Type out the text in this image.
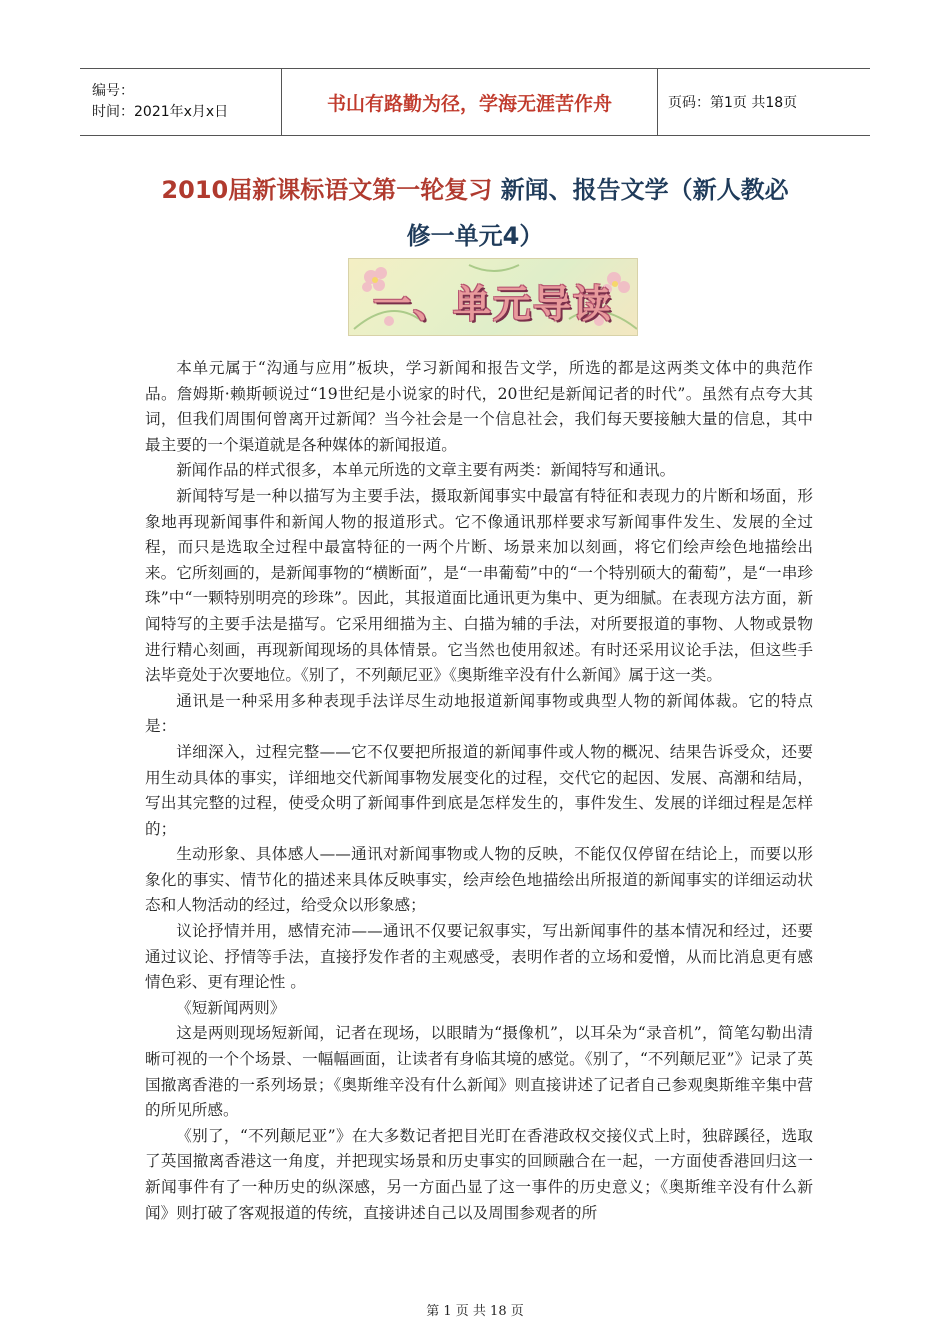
编号：
时间：2021年x月x日	书山有路勤为径，学海无涯苦作舟	页码：第1页 共18页
2010届新课标语文第一轮复习 新闻、报告文学（新人教必
修一单元4）
一、单元导读

本单元属于“沟通与应用”板块，学习新闻和报告文学，所选的都是这两类文体中的典范作品。詹姆斯·赖斯顿说过“19世纪是小说家的时代，20世纪是新闻记者的时代”。虽然有点夸大其词，但我们周围何曾离开过新闻？当今社会是一个信息社会，我们每天要接触大量的信息，其中最主要的一个渠道就是各种媒体的新闻报道。

新闻作品的样式很多，本单元所选的文章主要有两类：新闻特写和通讯。

新闻特写是一种以描写为主要手法，摄取新闻事实中最富有特征和表现力的片断和场面，形象地再现新闻事件和新闻人物的报道形式。它不像通讯那样要求写新闻事件发生、发展的全过程，而只是选取全过程中最富特征的一两个片断、场景来加以刻画，将它们绘声绘色地描绘出来。它所刻画的，是新闻事物的“横断面”，是“一串葡萄”中的“一个特别硕大的葡萄”，是“一串珍珠”中“一颗特别明亮的珍珠”。因此，其报道面比通讯更为集中、更为细腻。在表现方法方面，新闻特写的主要手法是描写。它采用细描为主、白描为辅的手法，对所要报道的事物、人物或景物进行精心刻画，再现新闻现场的具体情景。它当然也使用叙述。有时还采用议论手法，但这些手法毕竟处于次要地位。《别了，不列颠尼亚》《奥斯维辛没有什么新闻》属于这一类。

通讯是一种采用多种表现手法详尽生动地报道新闻事物或典型人物的新闻体裁。它的特点是：

详细深入，过程完整——它不仅要把所报道的新闻事件或人物的概况、结果告诉受众，还要用生动具体的事实，详细地交代新闻事物发展变化的过程，交代它的起因、发展、高潮和结局，写出其完整的过程，使受众明了新闻事件到底是怎样发生的，事件发生、发展的详细过程是怎样的；

生动形象、具体感人——通讯对新闻事物或人物的反映，不能仅仅停留在结论上，而要以形象化的事实、情节化的描述来具体反映事实，绘声绘色地描绘出所报道的新闻事实的详细运动状态和人物活动的经过，给受众以形象感；

议论抒情并用，感情充沛——通讯不仅要记叙事实，写出新闻事件的基本情况和经过，还要通过议论、抒情等手法，直接抒发作者的主观感受，表明作者的立场和爱憎，从而比消息更有感情色彩、更有理论性 。

《短新闻两则》

这是两则现场短新闻，记者在现场，以眼睛为“摄像机”，以耳朵为“录音机”，简笔勾勒出清晰可视的一个个场景、一幅幅画面，让读者有身临其境的感觉。《别了，“不列颠尼亚”》记录了英国撤离香港的一系列场景；《奥斯维辛没有什么新闻》则直接讲述了记者自己参观奥斯维辛集中营的所见所感。

《别了，“不列颠尼亚”》在大多数记者把目光盯在香港政权交接仪式上时，独辟蹊径，选取了英国撤离香港这一角度，并把现实场景和历史事实的回顾融合在一起，一方面使香港回归这一新闻事件有了一种历史的纵深感，另一方面凸显了这一事件的历史意义；《奥斯维辛没有什么新闻》则打破了客观报道的传统，直接讲述自己以及周围参观者的所

第 1 页 共 18 页
